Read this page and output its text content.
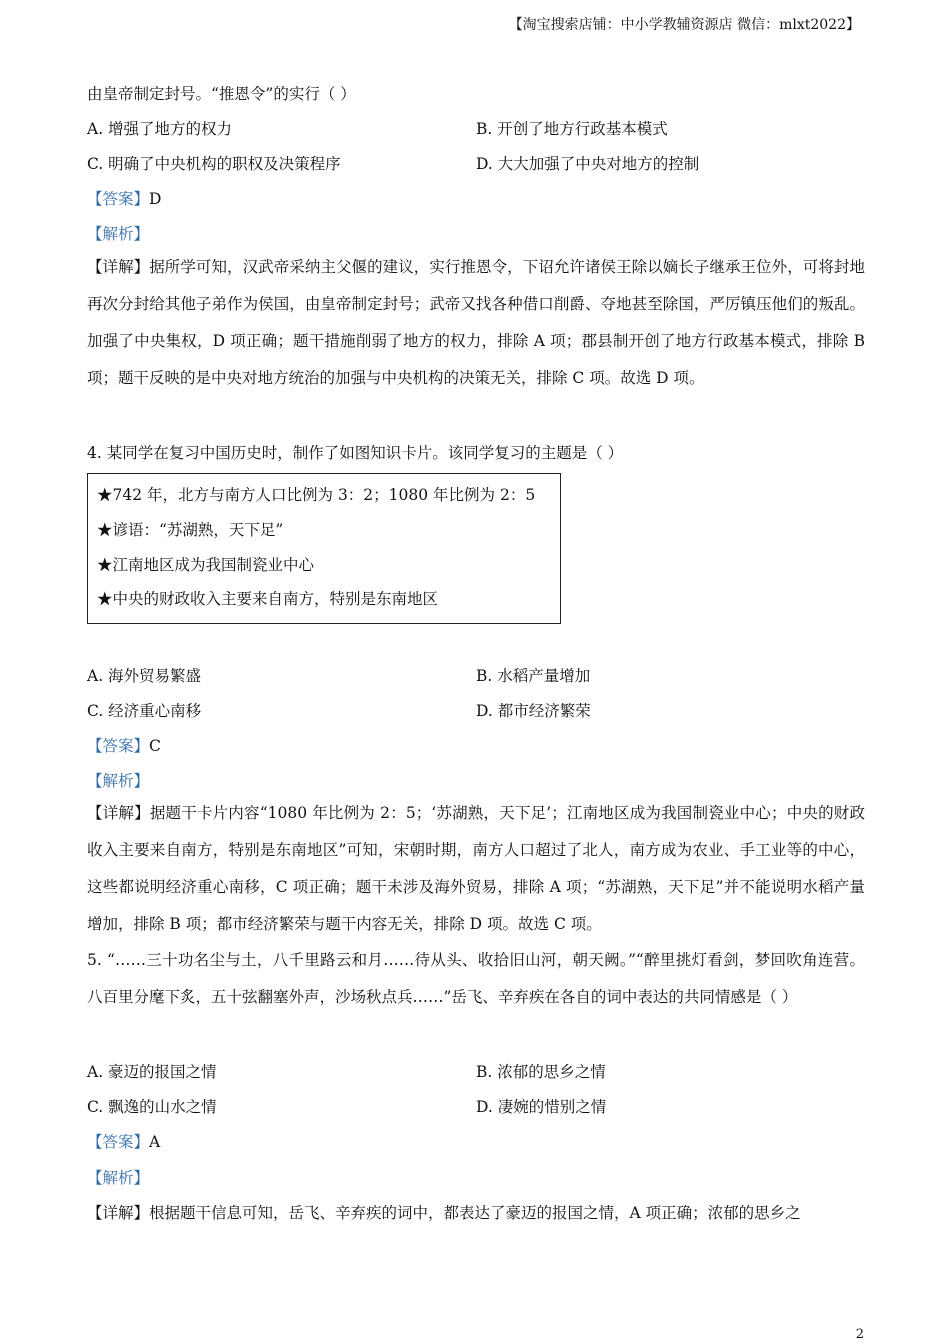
【淘宝搜索店铺：中小学教辅资源店 微信：mlxt2022】
由皇帝制定封号。“推恩令”的实行（ ）
A. 增强了地方的权力	B. 开创了地方行政基本模式
C. 明确了中央机构的职权及决策程序	D. 大大加强了中央对地方的控制
【答案】D
【解析】
【详解】据所学可知，汉武帝采纳主父偃的建议，实行推恩令，下诏允许诸侯王除以嫡长子继承王位外，可将封地再次分封给其他子弟作为侯国，由皇帝制定封号；武帝又找各种借口削爵、夺地甚至除国，严厉镇压他们的叛乱。加强了中央集权，D 项正确；题干措施削弱了地方的权力，排除 A 项；郡县制开创了地方行政基本模式，排除 B 项；题干反映的是中央对地方统治的加强与中央机构的决策无关，排除 C 项。故选 D 项。
4. 某同学在复习中国历史时，制作了如图知识卡片。该同学复习的主题是（ ）
★742 年，北方与南方人口比例为 3：2；1080 年比例为 2：5
★谚语：“苏湖熟，天下足”
★江南地区成为我国制瓷业中心
★中央的财政收入主要来自南方，特别是东南地区
A. 海外贸易繁盛	B. 水稻产量增加
C. 经济重心南移	D. 都市经济繁荣
【答案】C
【解析】
【详解】据题干卡片内容“1080 年比例为 2：5；‘苏湖熟，天下足’；江南地区成为我国制瓷业中心；中央的财政收入主要来自南方，特别是东南地区”可知，宋朝时期，南方人口超过了北人，南方成为农业、手工业等的中心，这些都说明经济重心南移，C 项正确；题干未涉及海外贸易，排除 A 项；“苏湖熟，天下足”并不能说明水稻产量增加，排除 B 项；都市经济繁荣与题干内容无关，排除 D 项。故选 C 项。
5. “……三十功名尘与土，八千里路云和月……待从头、收拾旧山河，朝天阙。”“醉里挑灯看剑，梦回吹角连营。八百里分麾下炙，五十弦翻塞外声，沙场秋点兵……”岳飞、辛弃疾在各自的词中表达的共同情感是（ ）
A. 豪迈的报国之情	B. 浓郁的思乡之情
C. 飘逸的山水之情	D. 凄婉的惜别之情
【答案】A
【解析】
【详解】根据题干信息可知，岳飞、辛弃疾的词中，都表达了豪迈的报国之情，A 项正确；浓郁的思乡之
2
